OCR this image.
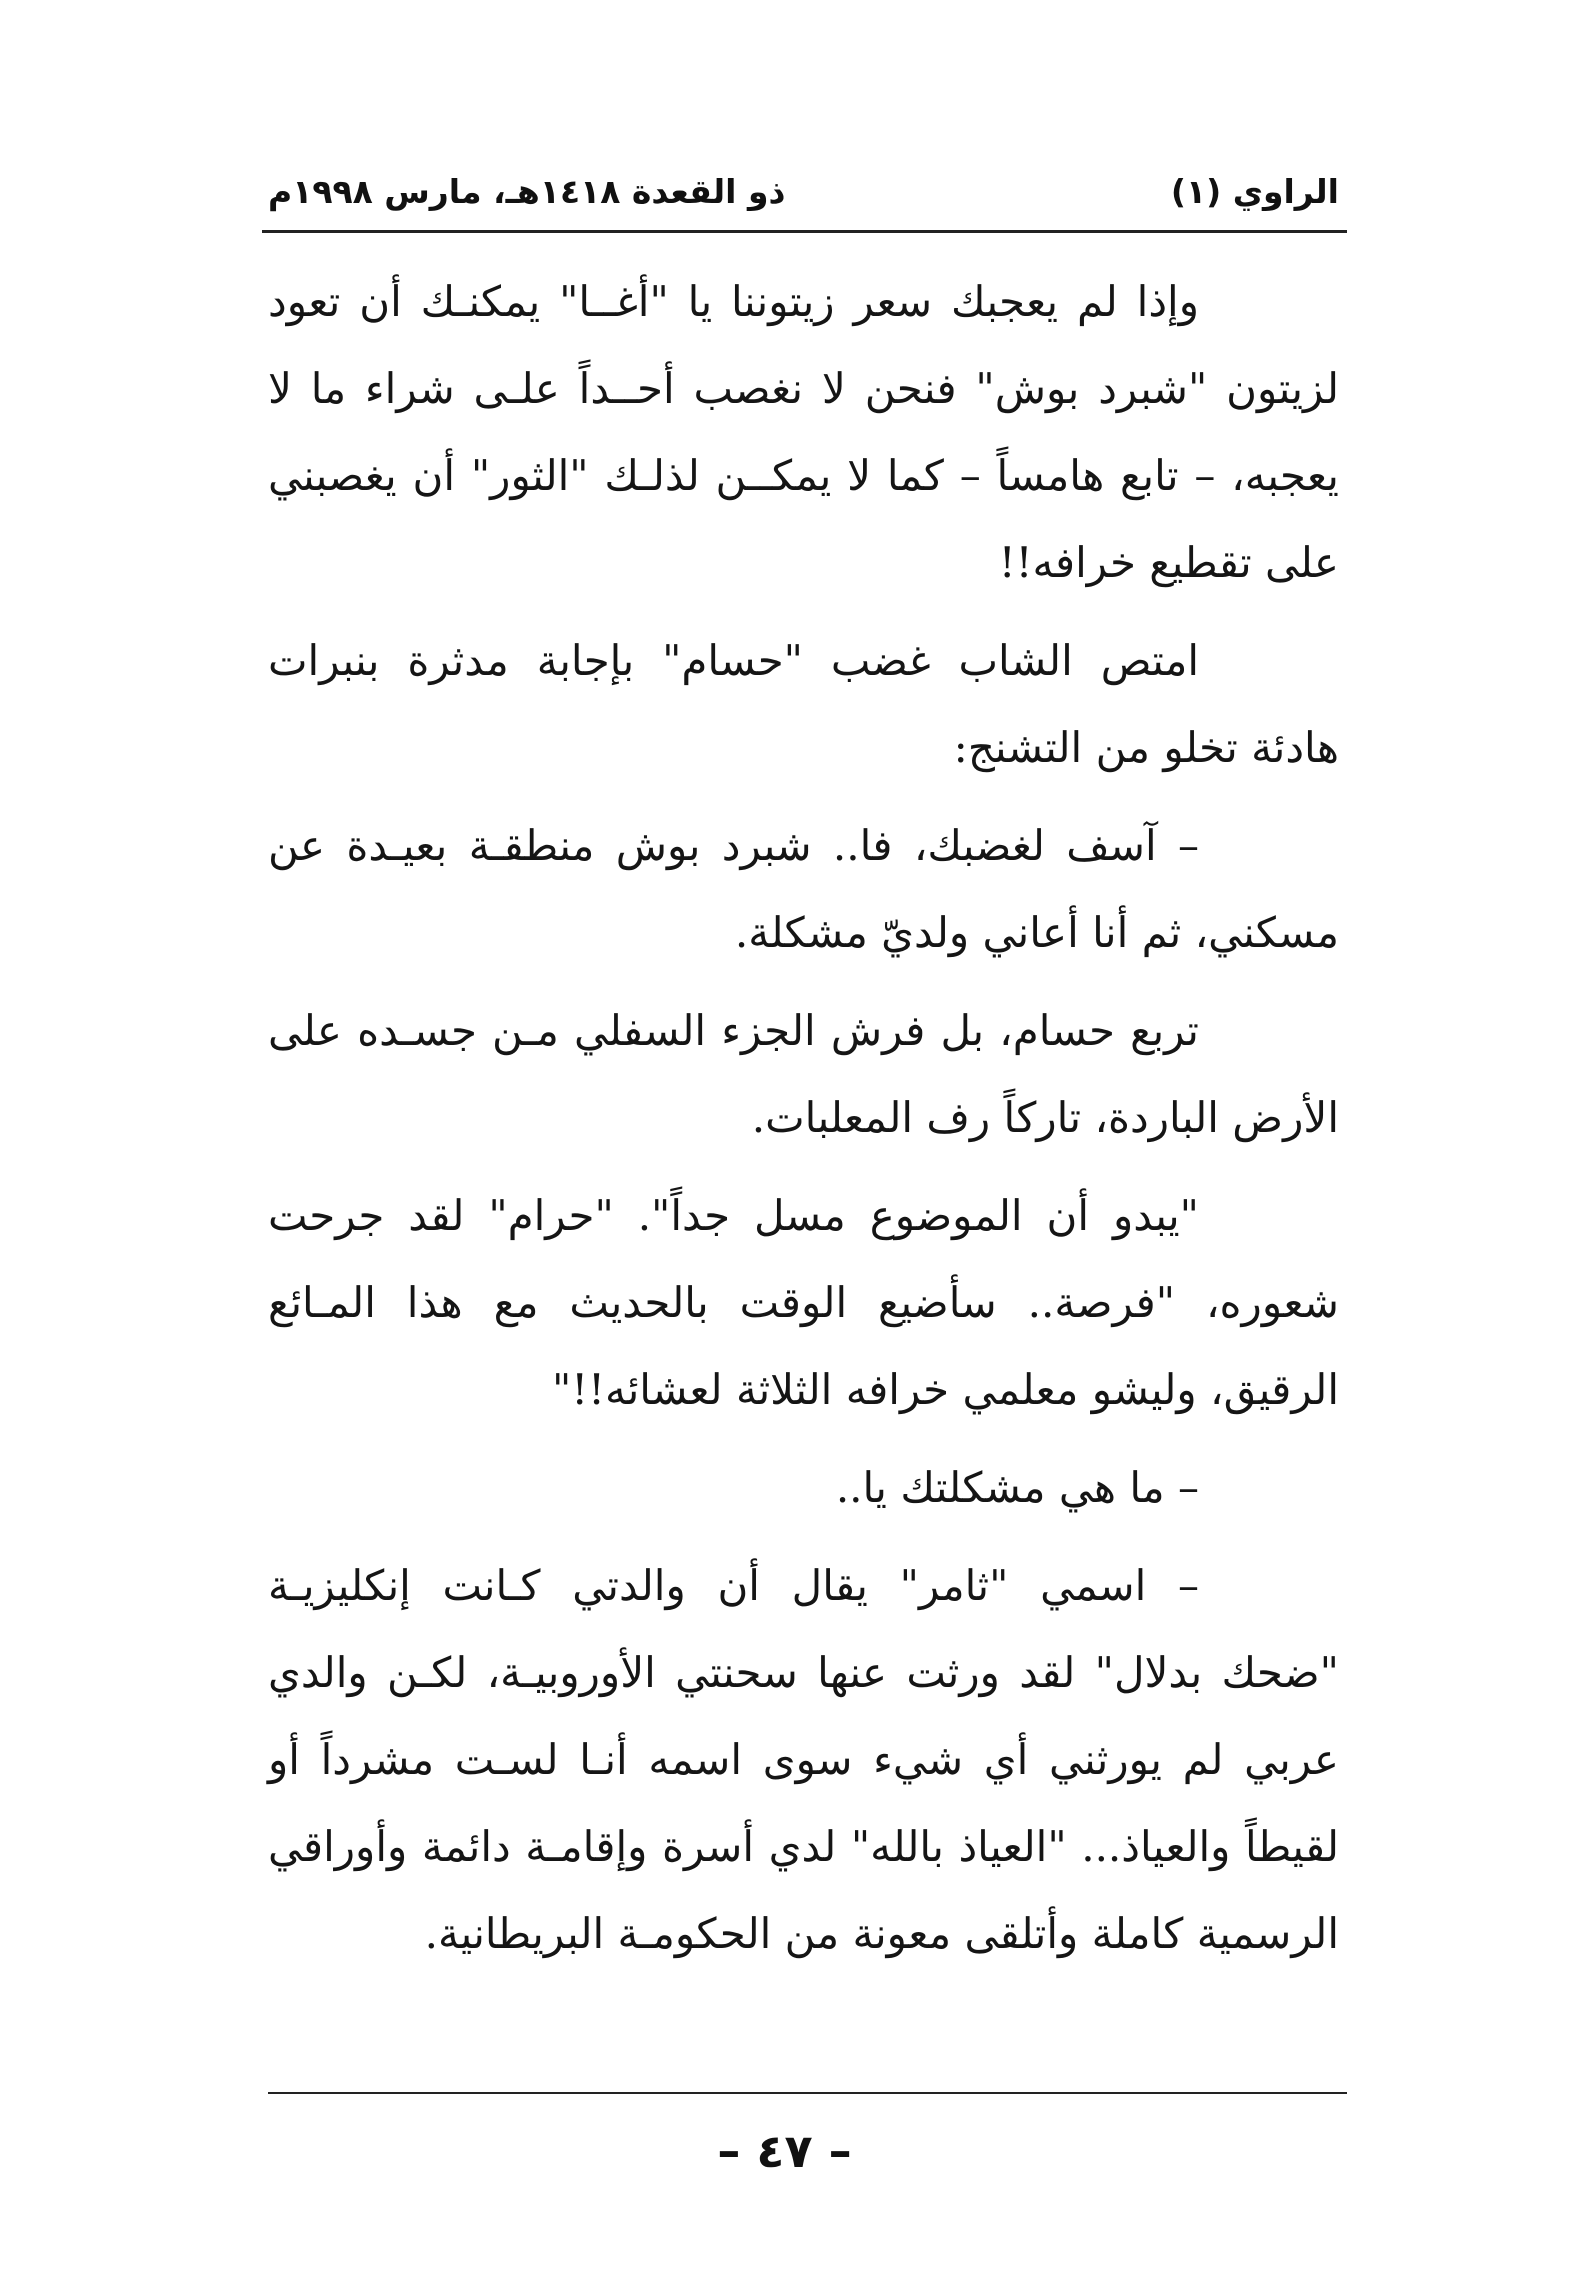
الراوي (١)
ذو القعدة ١٤١٨هـ، مارس ١٩٩٨م

وإذا لم يعجبك سعر زيتوننا يا "أغــا" يمكنـك أن تعود لزيتون "شبرد بوش" فنحن لا نغصب أحــداً علـى شراء ما لا يعجبه، – تابع هامساً – كما لا يمكــن لذلـك "الثور" أن يغصبني على تقطيع خرافه!!

امتص الشاب غضب "حسام" بإجابة مدثرة بنبرات هادئة تخلو من التشنج:

– آسف لغضبك، فا.. شبرد بوش منطقـة بعيـدة عن مسكني، ثم أنا أعاني ولديّ مشكلة.

تربع حسام، بل فرش الجزء السفلي مـن جسـده على الأرض الباردة، تاركاً رف المعلبات.

"يبدو أن الموضوع مسل جداً". "حرام" لقد جرحت شعوره، "فرصة.. سأضيع الوقت بالحديث مع هذا المـائع الرقيق، وليشو معلمي خرافه الثلاثة لعشائه!!"

– ما هي مشكلتك يا..

– اسمي "ثامر" يقال أن والدتي كـانت إنكليزيـة "ضحك بدلال" لقد ورثت عنها سحنتي الأوروبيـة، لكـن والدي عربي لم يورثني أي شيء سوى اسمه أنـا لسـت مشرداً أو لقيطاً والعياذ... "العياذ بالله" لدي أسرة وإقامـة دائمة وأوراقي الرسمية كاملة وأتلقى معونة من الحكومـة البريطانية.

– ٤٧ –
